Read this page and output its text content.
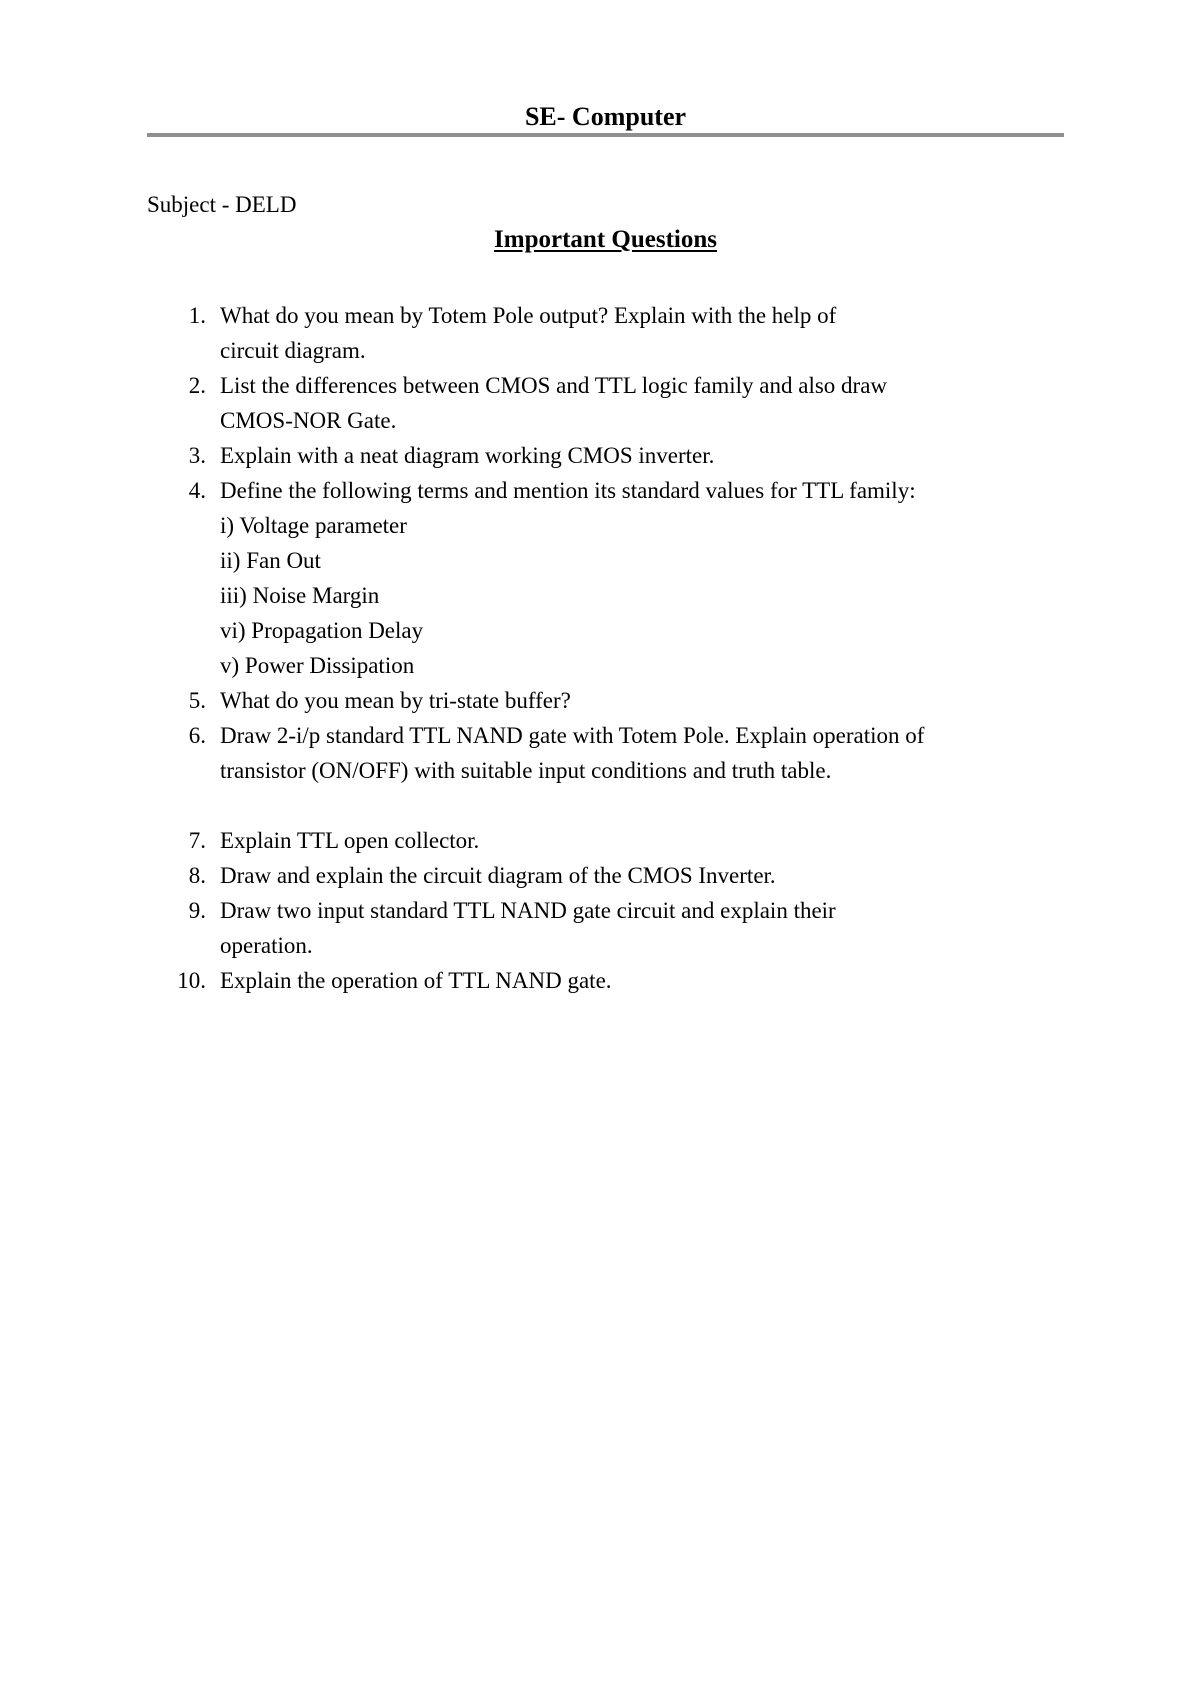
SE- Computer
Subject - DELD
Important Questions
1. What do you mean by Totem Pole output? Explain with the help of
circuit diagram.
2. List the differences between CMOS and TTL logic family and also draw
CMOS-NOR Gate.
3. Explain with a neat diagram working CMOS inverter.
4. Define the following terms and mention its standard values for TTL family:
i) Voltage parameter
ii) Fan Out
iii) Noise Margin
vi) Propagation Delay
v) Power Dissipation
5. What do you mean by tri-state buffer?
6. Draw 2-i/p standard TTL NAND gate with Totem Pole. Explain operation of
transistor (ON/OFF) with suitable input conditions and truth table.
7. Explain TTL open collector.
8. Draw and explain the circuit diagram of the CMOS Inverter.
9. Draw two input standard TTL NAND gate circuit and explain their
operation.
10. Explain the operation of TTL NAND gate.
